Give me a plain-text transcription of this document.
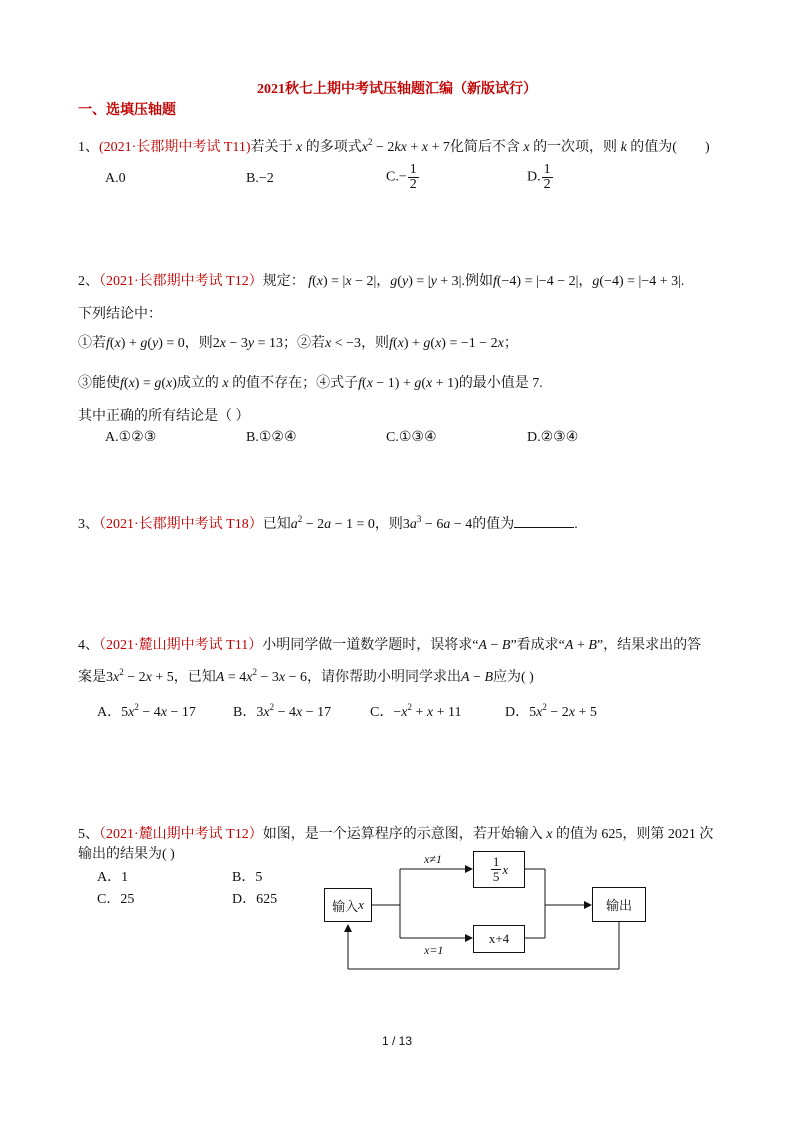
2021秋七上期中考试压轴题汇编（新版试行）
一、选填压轴题
1、(2021·长郡期中考试 T11)若关于 x 的多项式$x^2 - 2kx + x + 7$化简后不含 x 的一次项，则 k 的值为( )
A.0	B.−2	$C.- \frac{1}{2}$	D. $\frac{1}{2}$
2、（2021·长郡期中考试 T12）规定： f(x) = |x − 2|，g(y) = |y + 3|.例如f(−4) = |−4 − 2|，g(−4) = |−4 + 3|.
下列结论中：
①若f(x) + g(y) = 0，则2x − 3y = 13；②若x < −3，则f(x) + g(x) = −1 − 2x；
③能使f(x) = g(x)成立的 x 的值不存在；④式子f(x − 1) + g(x + 1)的最小值是 7.
其中正确的所有结论是（ ）
A.①②③	B.①②④	C.①③④	D.②③④
3、（2021·长郡期中考试 T18）已知$a^2 - 2a - 1 = 0$，则$3a^3 - 6a - 4$的值为	.
4、（2021·麓山期中考试 T11）小明同学做一道数学题时，误将求“A − B”看成求“A + B”，结果求出的答
案是$3x^2 - 2x + 5$，已知$A = 4x^2 - 3x - 6$，请你帮助小明同学求出A − B应为( )
A．$5x^2 - 4x - 17$	B．$3x^2 - 4x - 17$	C．$-x^2 + x + 11$	D．$5x^2 - 2x + 5$
5、（2021·麓山期中考试 T12）如图，是一个运算程序的示意图，若开始输入 x 的值为 625，则第 2021 次
输出的结果为( )
A．1	B．5
C．25	D．625	输入 x
$\frac{1}{5}$ x
x+4
输出
x≠1
x=1
1 / 13
